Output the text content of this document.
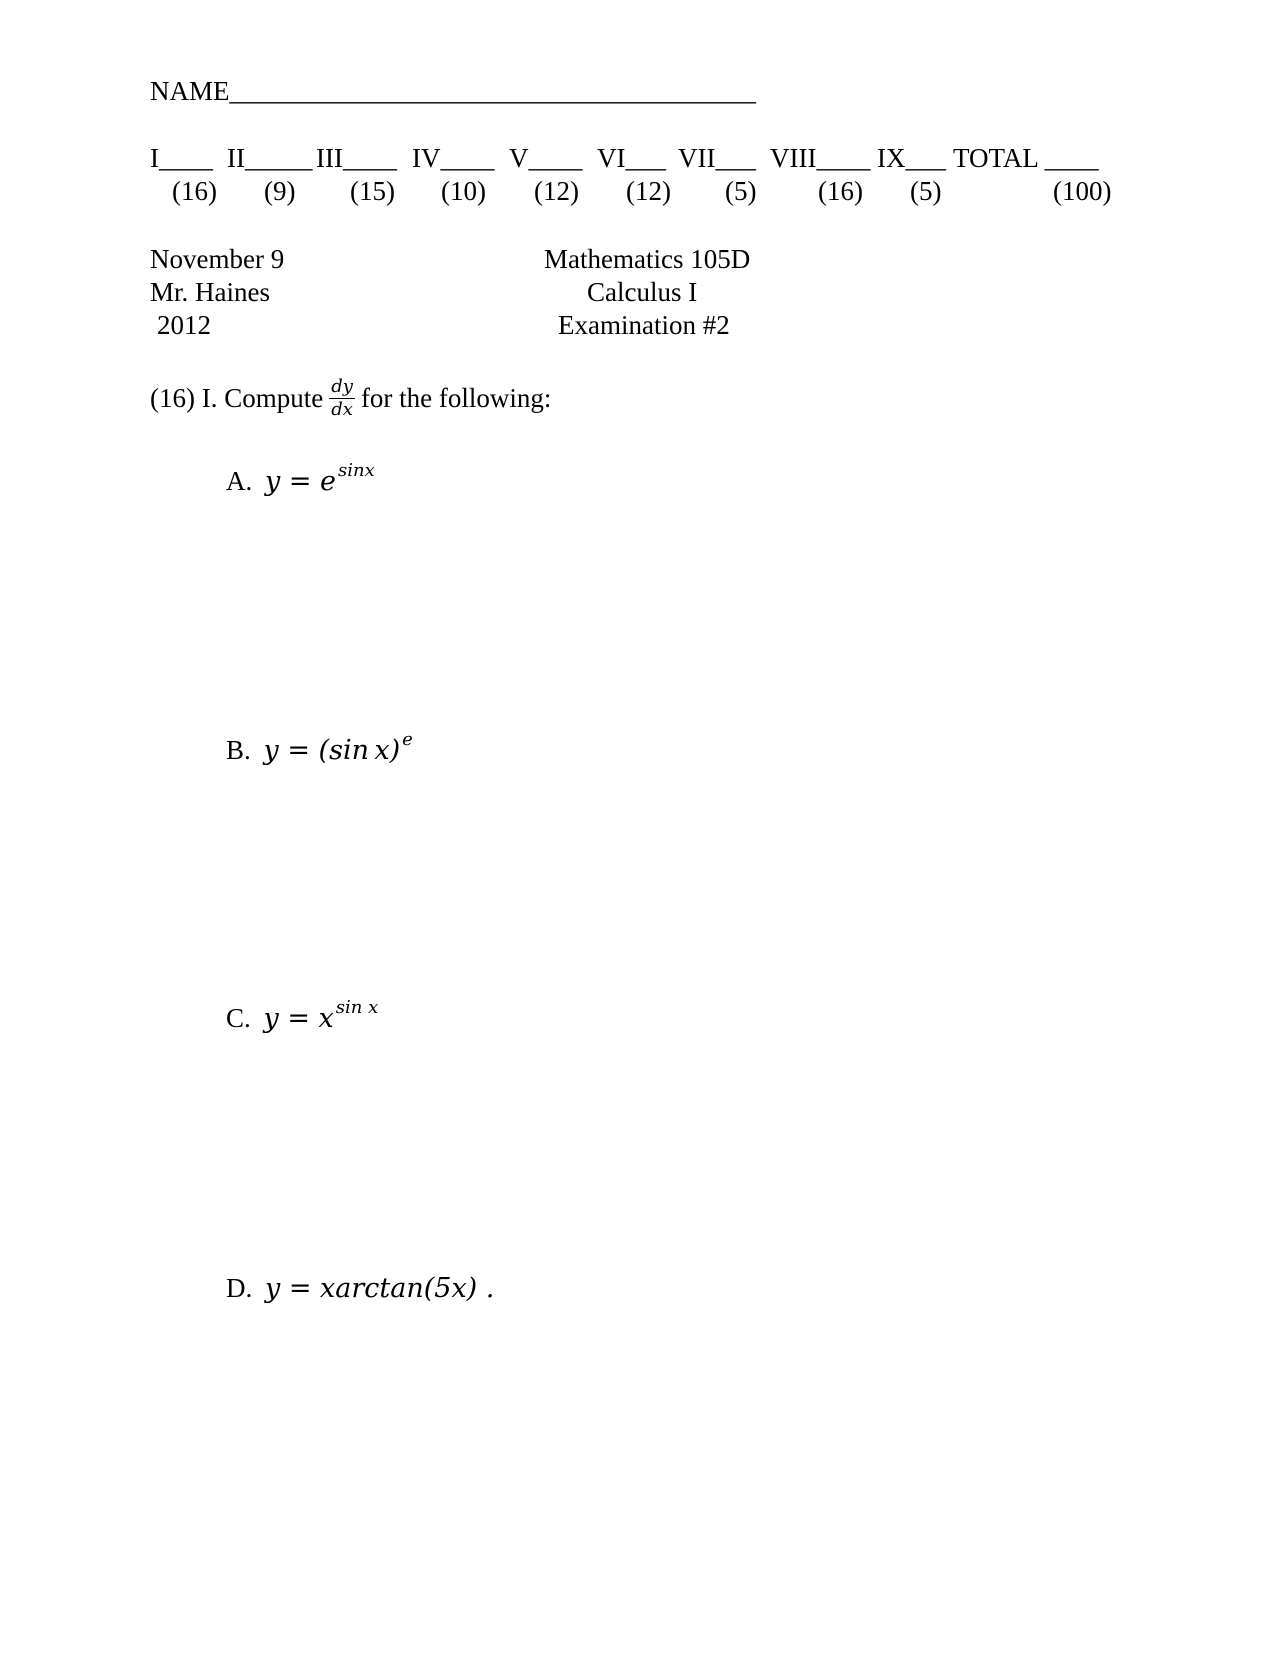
NAME_______________________________________
I____ II_____ III____ IV____ V____ VI___ VII___ VIII____ IX___ TOTAL ____
(16) (9) (15) (10) (12) (12) (5) (16) (5)	(100)
November 9
Mr. Haines
2012
Mathematics 105D
Calculus I
Examination #2
(16) I. Compute $\frac{dy}{dx}$ for the following:
A. y = e $^{sinx}$
B. y = (sin x) $^e$
C. y = x $^{sin x}$
D. y = xarctan(5x) .
